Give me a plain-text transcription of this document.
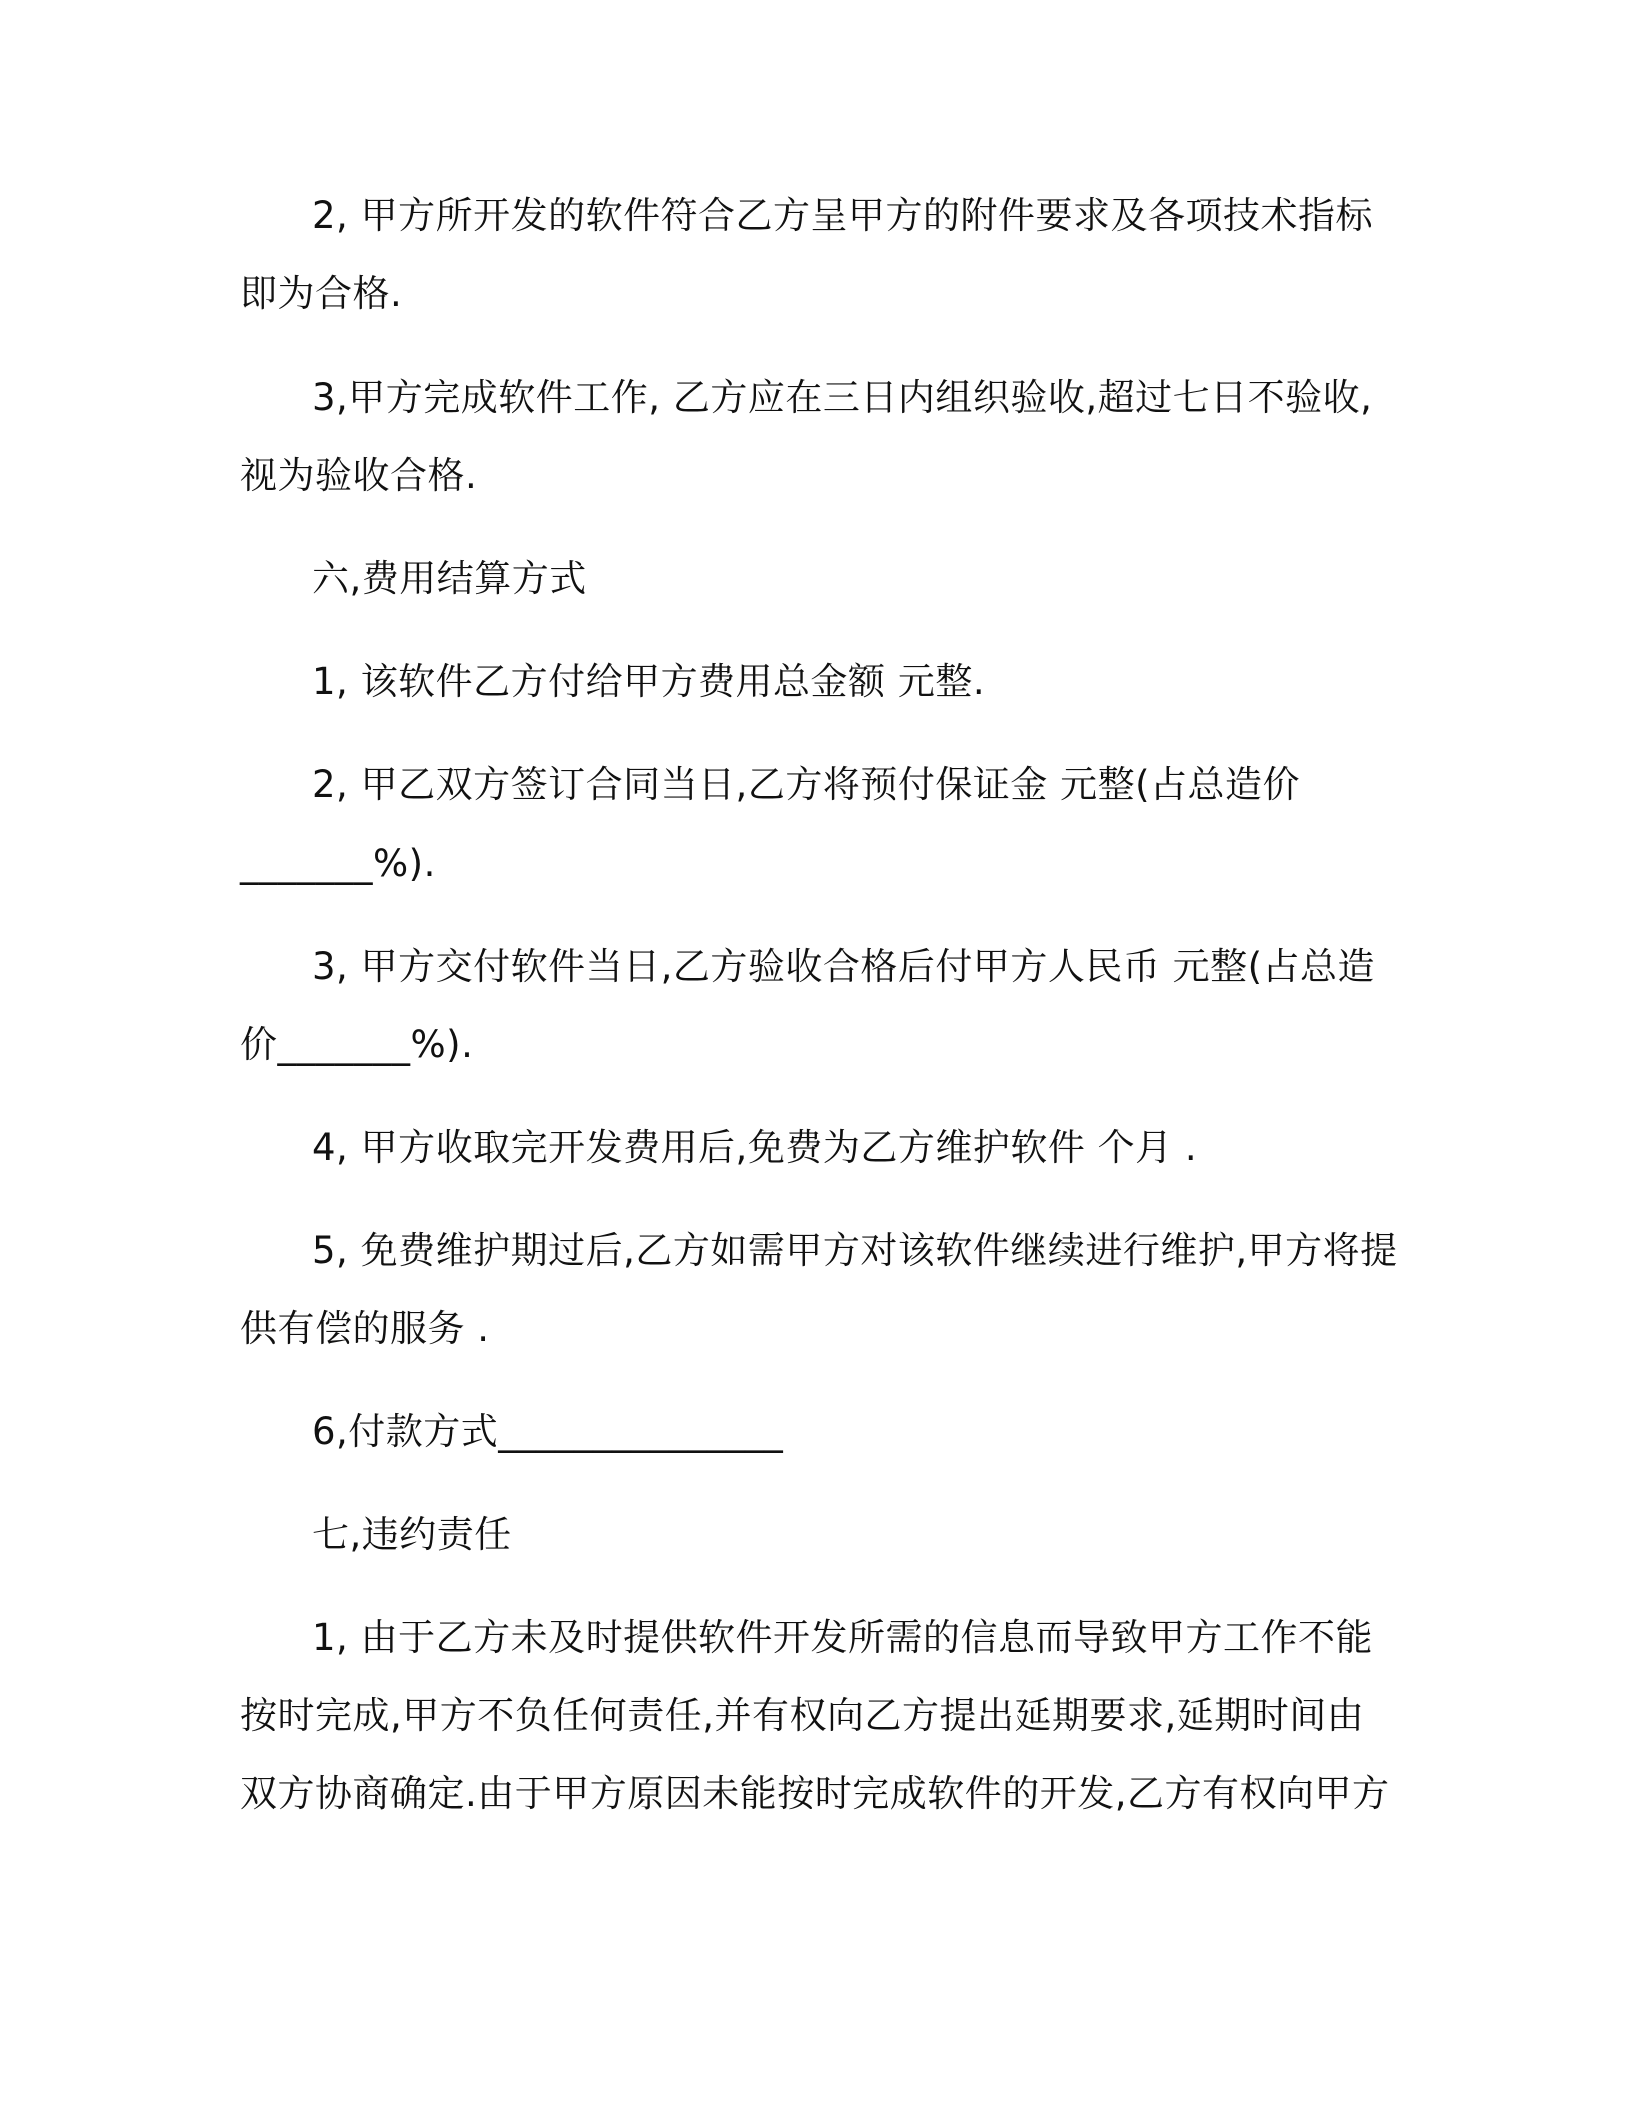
2, 甲方所开发的软件符合乙方呈甲方的附件要求及各项技术指标
即为合格.
3,甲方完成软件工作, 乙方应在三日内组织验收,超过七日不验收,
视为验收合格.
六,费用结算方式
1, 该软件乙方付给甲方费用总金额 元整.
2, 甲乙双方签订合同当日,乙方将预付保证金 元整(占总造价
_______%).
3, 甲方交付软件当日,乙方验收合格后付甲方人民币 元整(占总造
价_______%).
4, 甲方收取完开发费用后,免费为乙方维护软件 个月 .
5, 免费维护期过后,乙方如需甲方对该软件继续进行维护,甲方将提
供有偿的服务 .
6,付款方式_______________
七,违约责任
1, 由于乙方未及时提供软件开发所需的信息而导致甲方工作不能
按时完成,甲方不负任何责任,并有权向乙方提出延期要求,延期时间由
双方协商确定.由于甲方原因未能按时完成软件的开发,乙方有权向甲方
